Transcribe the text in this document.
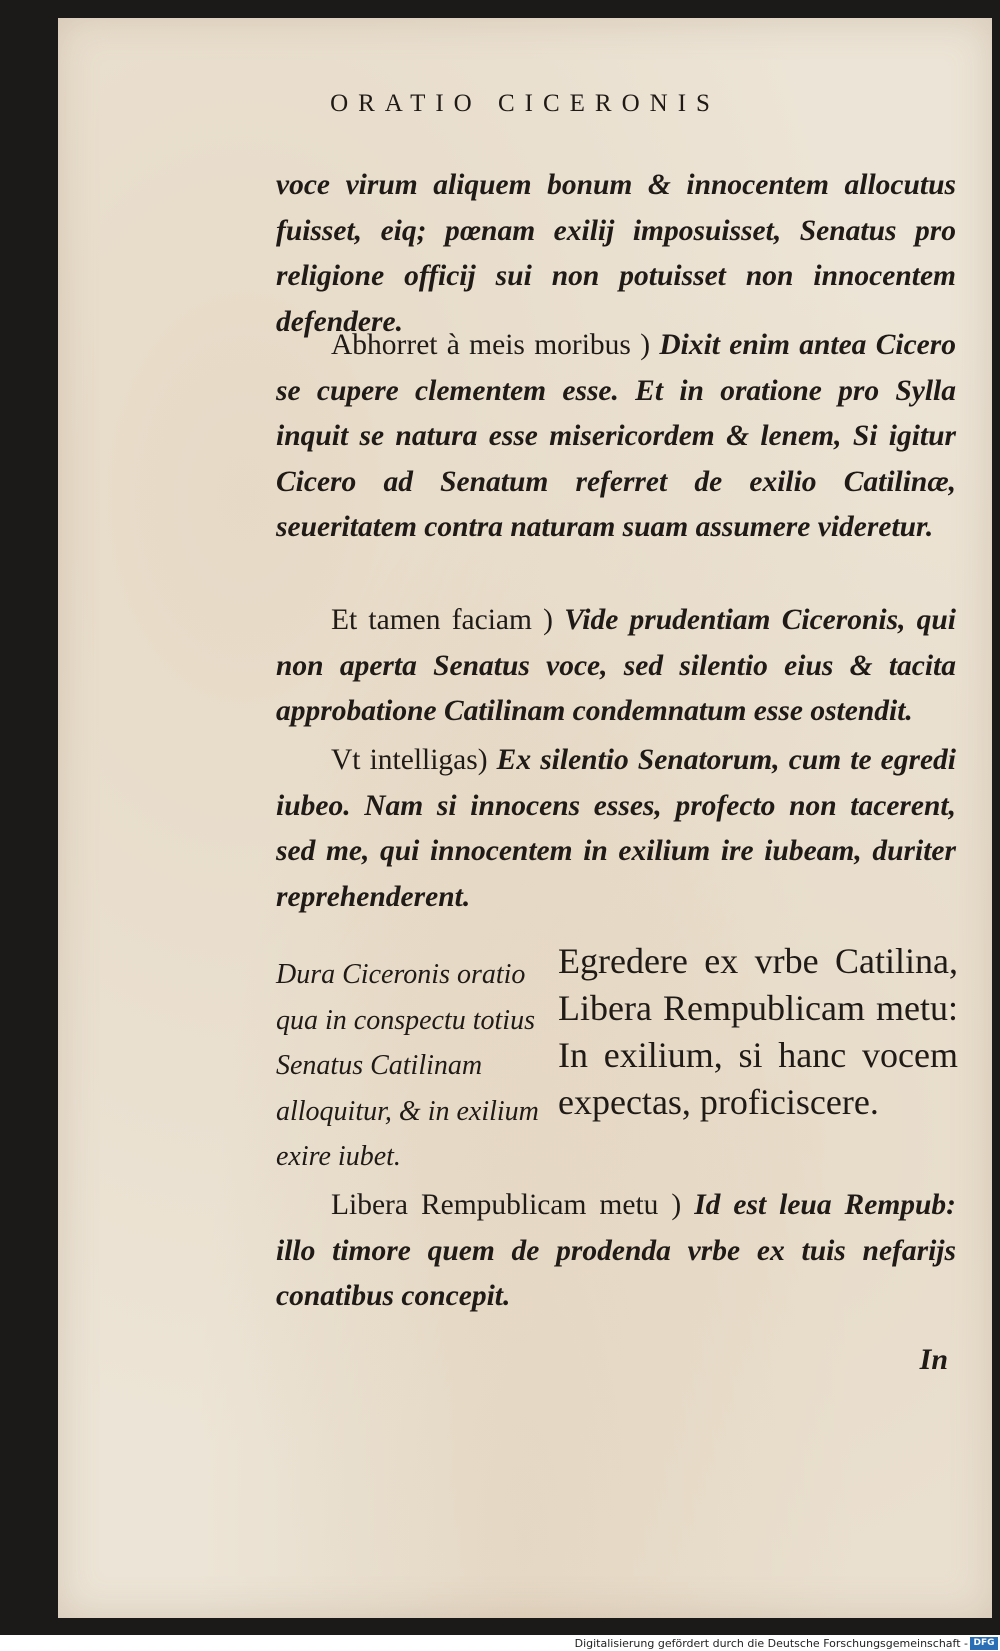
ORATIO CICERONIS

voce virum aliquem bonum & innocentem allocutus fuisset, eiq; pœnam exilij imposuisset, Senatus pro religione officij sui non potuisset non innocentem defendere.

Abhorret à meis moribus ) Dixit enim antea Cicero se cupere clementem esse. Et in oratione pro Sylla inquit se natura esse misericordem & lenem, Si igitur Cicero ad Senatum referret de exilio Catilinæ, seueritatem contra naturam suam assumere videretur.

Et tamen faciam ) Vide prudentiam Ciceronis, qui non aperta Senatus voce, sed silentio eius & tacita approbatione Catilinam condemnatum esse ostendit.

Vt intelligas) Ex silentio Senatorum, cum te egredi iubeo. Nam si innocens esses, profecto non tacerent, sed me, qui innocentem in exilium ire iubeam, duriter reprehenderent.

Dura Ciceronis oratio qua in conspectu totius Senatus Catilinam alloquitur, & in exilium exire iubet.

Egredere ex vrbe Catilina, Libera Rempublicam metu: In exilium, si hanc vocem expectas, proficiscere.

Libera Rempublicam metu ) Id est leua Rempub: illo timore quem de prodenda vrbe ex tuis nefarijs conatibus concepit.

In
Digitalisierung gefördert durch die Deutsche Forschungsgemeinschaft - DFG
